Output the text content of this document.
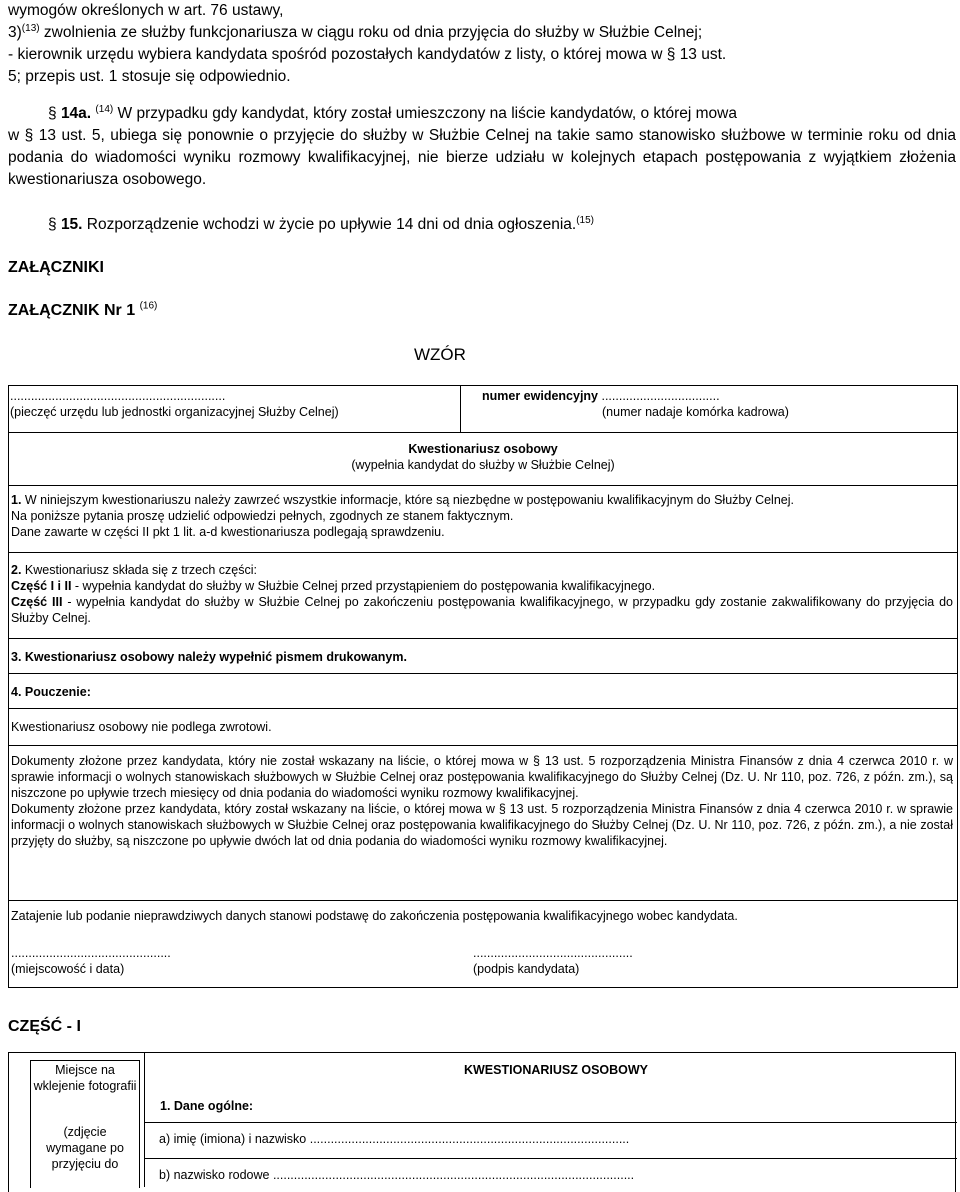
wymogów określonych w art. 76 ustawy,
3)$^{(13)}$ zwolnienia ze służby funkcjonariusza w ciągu roku od dnia przyjęcia do służby w Służbie Celnej;
- kierownik urzędu wybiera kandydata spośród pozostałych kandydatów z listy, o której mowa w § 13 ust.
5; przepis ust. 1 stosuje się odpowiednio.
§ 14a. $^{(14)}$ W przypadku gdy kandydat, który został umieszczony na liście kandydatów, o której mowa
w § 13 ust. 5, ubiega się ponownie o przyjęcie do służby w Służbie Celnej na takie samo stanowisko służbowe w terminie roku od dnia podania do wiadomości wyniku rozmowy kwalifikacyjnej, nie bierze udziału w kolejnych etapach postępowania z wyjątkiem złożenia kwestionariusza osobowego.
§ 15. Rozporządzenie wchodzi w życie po upływie 14 dni od dnia ogłoszenia.$^{(15)}$
ZAŁĄCZNIKI
ZAŁĄCZNIK Nr 1 $^{(16)}$
WZÓR
..............................................................
(pieczęć urzędu lub jednostki organizacyjnej Służby Celnej)
numer ewidencyjny ..................................
(numer nadaje komórka kadrowa)
Kwestionariusz osobowy
(wypełnia kandydat do służby w Służbie Celnej)
1. W niniejszym kwestionariuszu należy zawrzeć wszystkie informacje, które są niezbędne w postępowaniu kwalifikacyjnym do Służby Celnej.
Na poniższe pytania proszę udzielić odpowiedzi pełnych, zgodnych ze stanem faktycznym.
Dane zawarte w części II pkt 1 lit. a-d kwestionariusza podlegają sprawdzeniu.
2. Kwestionariusz składa się z trzech części:
Część I i II - wypełnia kandydat do służby w Służbie Celnej przed przystąpieniem do postępowania kwalifikacyjnego.
Część III - wypełnia kandydat do służby w Służbie Celnej po zakończeniu postępowania kwalifikacyjnego, w przypadku gdy zostanie zakwalifikowany do przyjęcia do Służby Celnej.
3. Kwestionariusz osobowy należy wypełnić pismem drukowanym.
4. Pouczenie:
Kwestionariusz osobowy nie podlega zwrotowi.
Dokumenty złożone przez kandydata, który nie został wskazany na liście, o której mowa w § 13 ust. 5 rozporządzenia Ministra Finansów z dnia 4 czerwca 2010 r. w sprawie informacji o wolnych stanowiskach służbowych w Służbie Celnej oraz postępowania kwalifikacyjnego do Służby Celnej (Dz. U. Nr 110, poz. 726, z późn. zm.), są niszczone po upływie trzech miesięcy od dnia podania do wiadomości wyniku rozmowy kwalifikacyjnej.
Dokumenty złożone przez kandydata, który został wskazany na liście, o której mowa w § 13 ust. 5 rozporządzenia Ministra Finansów z dnia 4 czerwca 2010 r. w sprawie informacji o wolnych stanowiskach służbowych w Służbie Celnej oraz postępowania kwalifikacyjnego do Służby Celnej (Dz. U. Nr 110, poz. 726, z późn. zm.), a nie został przyjęty do służby, są niszczone po upływie dwóch lat od dnia podania do wiadomości wyniku rozmowy kwalifikacyjnej.
Zatajenie lub podanie nieprawdziwych danych stanowi podstawę do zakończenia postępowania kwalifikacyjnego wobec kandydata.
..............................................
(miejscowość i data)
..............................................
(podpis kandydata)
CZĘŚĆ - I
Miejsce na
wklejenie fotografii
(zdjęcie
wymagane po
przyjęciu do
KWESTIONARIUSZ OSOBOWY
1. Dane ogólne:
a) imię (imiona) i nazwisko ............................................................................................
b) nazwisko rodowe ........................................................................................................
